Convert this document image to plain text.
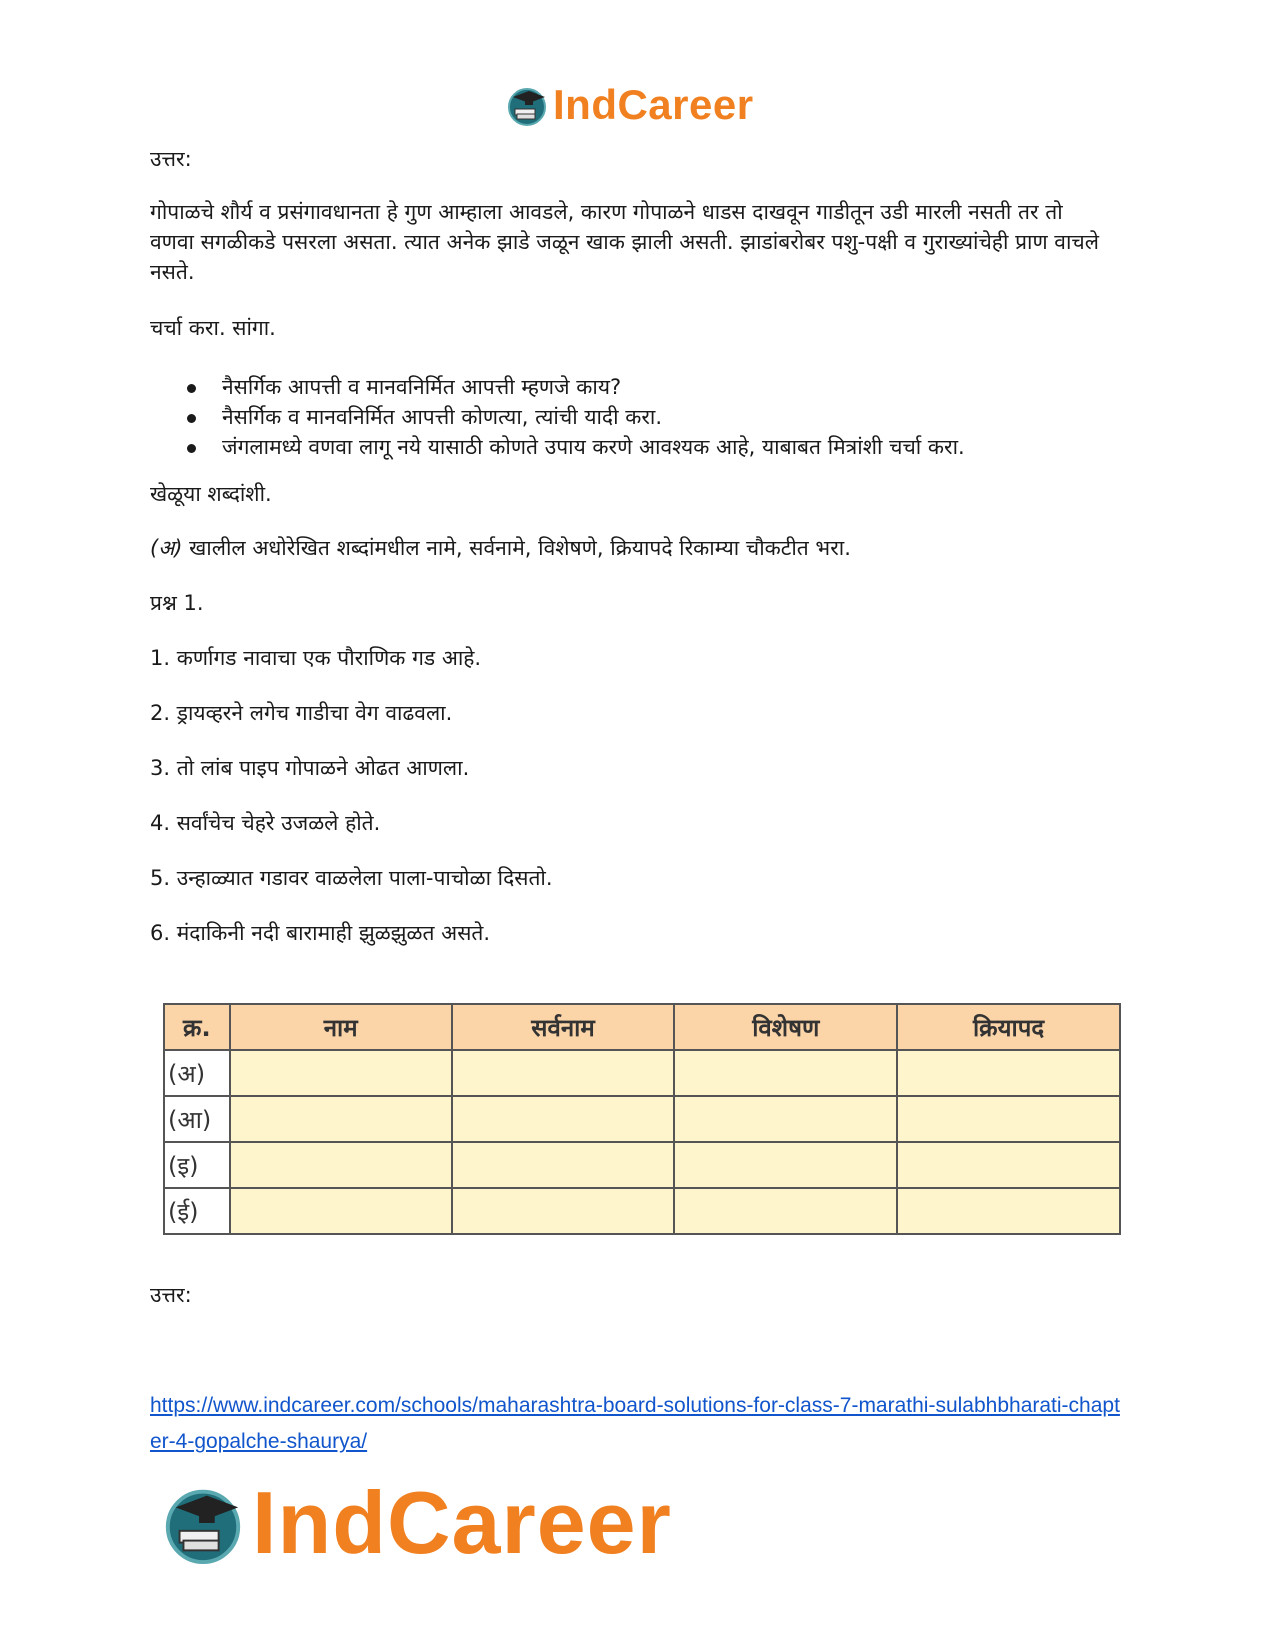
IndCareer
उत्तर:

गोपाळचे शौर्य व प्रसंगावधानता हे गुण आम्हाला आवडले, कारण गोपाळने धाडस दाखवून गाडीतून उडी मारली नसती तर तो वणवा सगळीकडे पसरला असता. त्यात अनेक झाडे जळून खाक झाली असती. झाडांबरोबर पशु-पक्षी व गुराख्यांचेही प्राण वाचले नसते.

चर्चा करा. सांगा.
नैसर्गिक आपत्ती व मानवनिर्मित आपत्ती म्हणजे काय?
नैसर्गिक व मानवनिर्मित आपत्ती कोणत्या, त्यांची यादी करा.
जंगलामध्ये वणवा लागू नये यासाठी कोणते उपाय करणे आवश्यक आहे, याबाबत मित्रांशी चर्चा करा.
खेळूया शब्दांशी.
(अ) खालील अधोरेखित शब्दांमधील नामे, सर्वनामे, विशेषणे, क्रियापदे रिकाम्या चौकटीत भरा.
प्रश्न 1.
1. कर्णागड नावाचा एक पौराणिक गड आहे.
2. ड्रायव्हरने लगेच गाडीचा वेग वाढवला.
3. तो लांब पाइप गोपाळने ओढत आणला.
4. सर्वांचेच चेहरे उजळले होते.
5. उन्हाळ्यात गडावर वाळलेला पाला-पाचोळा दिसतो.
6. मंदाकिनी नदी बारामाही झुळझुळत असते.
क्र.	नाम	सर्वनाम	विशेषण	क्रियापद
(अ)				
(आ)				
(इ)				
(ई)				
उत्तर:
https://www.indcareer.com/schools/maharashtra-board-solutions-for-class-7-marathi-sulabhbharati-chapter-4-gopalche-shaurya/
IndCareer
